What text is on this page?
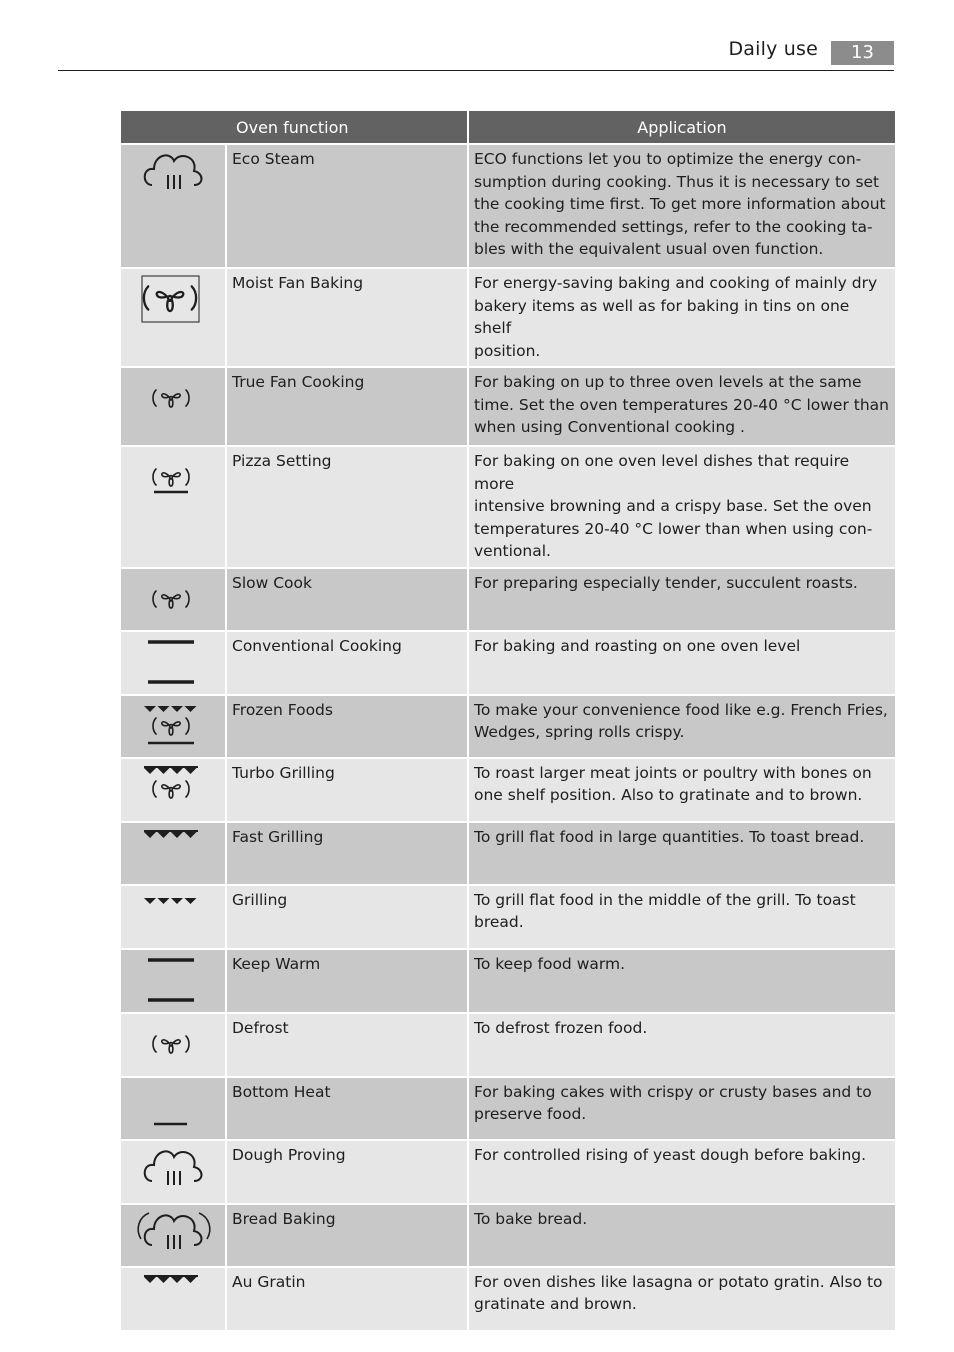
Daily use	13
Oven function		Application

	Eco Steam	ECO functions let you to optimize the energy con-
sumption during cooking. Thus it is necessary to set
the cooking time first. To get more information about
the recommended settings, refer to the cooking ta-
bles with the equivalent usual oven function.

	Moist Fan Baking	For energy-saving baking and cooking of mainly dry
bakery items as well as for baking in tins on one shelf
position.

	True Fan Cooking	For baking on up to three oven levels at the same
time. Set the oven temperatures 20-40 °C lower than
when using Conventional cooking .

	Pizza Setting	For baking on one oven level dishes that require more
intensive browning and a crispy base. Set the oven
temperatures 20-40 °C lower than when using con-
ventional.

	Slow Cook	For preparing especially tender, succulent roasts.

	Conventional Cooking	For baking and roasting on one oven level

	Frozen Foods	To make your convenience food like e.g. French Fries,
Wedges, spring rolls crispy.

	Turbo Grilling	To roast larger meat joints or poultry with bones on
one shelf position. Also to gratinate and to brown.

	Fast Grilling	To grill flat food in large quantities. To toast bread.

	Grilling	To grill flat food in the middle of the grill. To toast
bread.

	Keep Warm	To keep food warm.

	Defrost	To defrost frozen food.

	Bottom Heat	For baking cakes with crispy or crusty bases and to
preserve food.

	Dough Proving	For controlled rising of yeast dough before baking.

	Bread Baking	To bake bread.

	Au Gratin	For oven dishes like lasagna or potato gratin. Also to
gratinate and brown.
